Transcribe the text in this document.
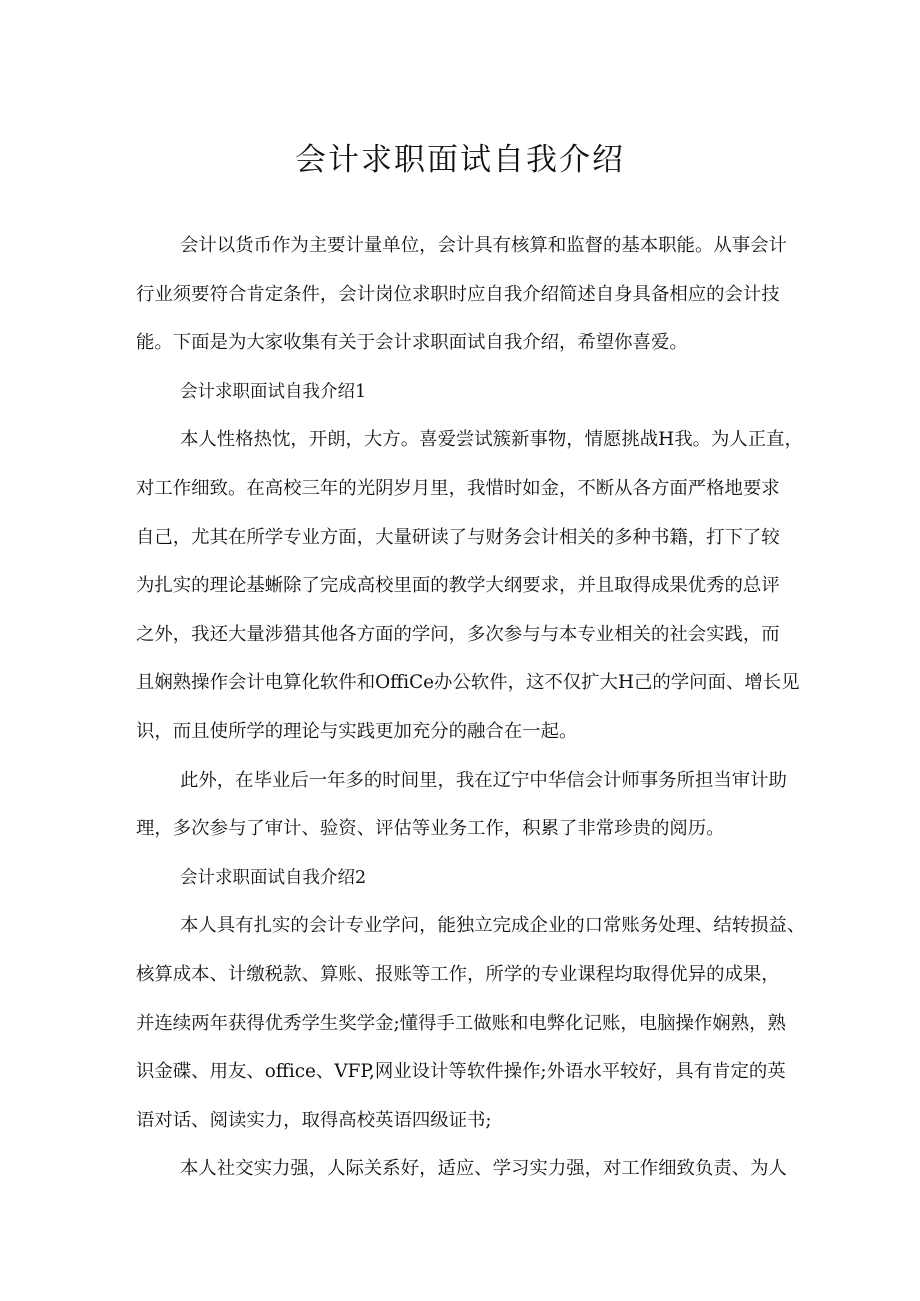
会计求职面试自我介绍
会计以货币作为主要计量单位，会计具有核算和监督的基本职能。从事会计
行业须要符合肯定条件，会计岗位求职时应自我介绍简述自身具备相应的会计技
能。下面是为大家收集有关于会计求职面试自我介绍，希望你喜爱。
会计求职面试自我介绍1
本人性格热忱，开朗，大方。喜爱尝试簇新事物，情愿挑战H我。为人正直，
对工作细致。在高校三年的光阴岁月里，我惜时如金，不断从各方面严格地要求
自己，尤其在所学专业方面，大量研读了与财务会计相关的多种书籍，打下了较
为扎实的理论基蜥除了完成高校里面的教学大纲要求，并且取得成果优秀的总评
之外，我还大量涉猎其他各方面的学问，多次参与与本专业相关的社会实践，而
且娴熟操作会计电算化软件和OffiCe办公软件，这不仅扩大H己的学问面、增长见
识，而且使所学的理论与实践更加充分的融合在一起。
此外，在毕业后一年多的时间里，我在辽宁中华信会计师事务所担当审计助
理，多次参与了审计、验资、评估等业务工作，积累了非常珍贵的阅历。
会计求职面试自我介绍2
本人具有扎实的会计专业学问，能独立完成企业的口常账务处理、结转损益、
核算成本、计缴税款、算账、报账等工作，所学的专业课程均取得优异的成果，
并连续两年获得优秀学生奖学金;懂得手工做账和电弊化记账，电脑操作娴熟，熟
识金碟、用友、office、VFP,网业设计等软件操作;外语水平较好，具有肯定的英
语对话、阅读实力，取得高校英语四级证书;
本人社交实力强，人际关系好，适应、学习实力强，对工作细致负责、为人
